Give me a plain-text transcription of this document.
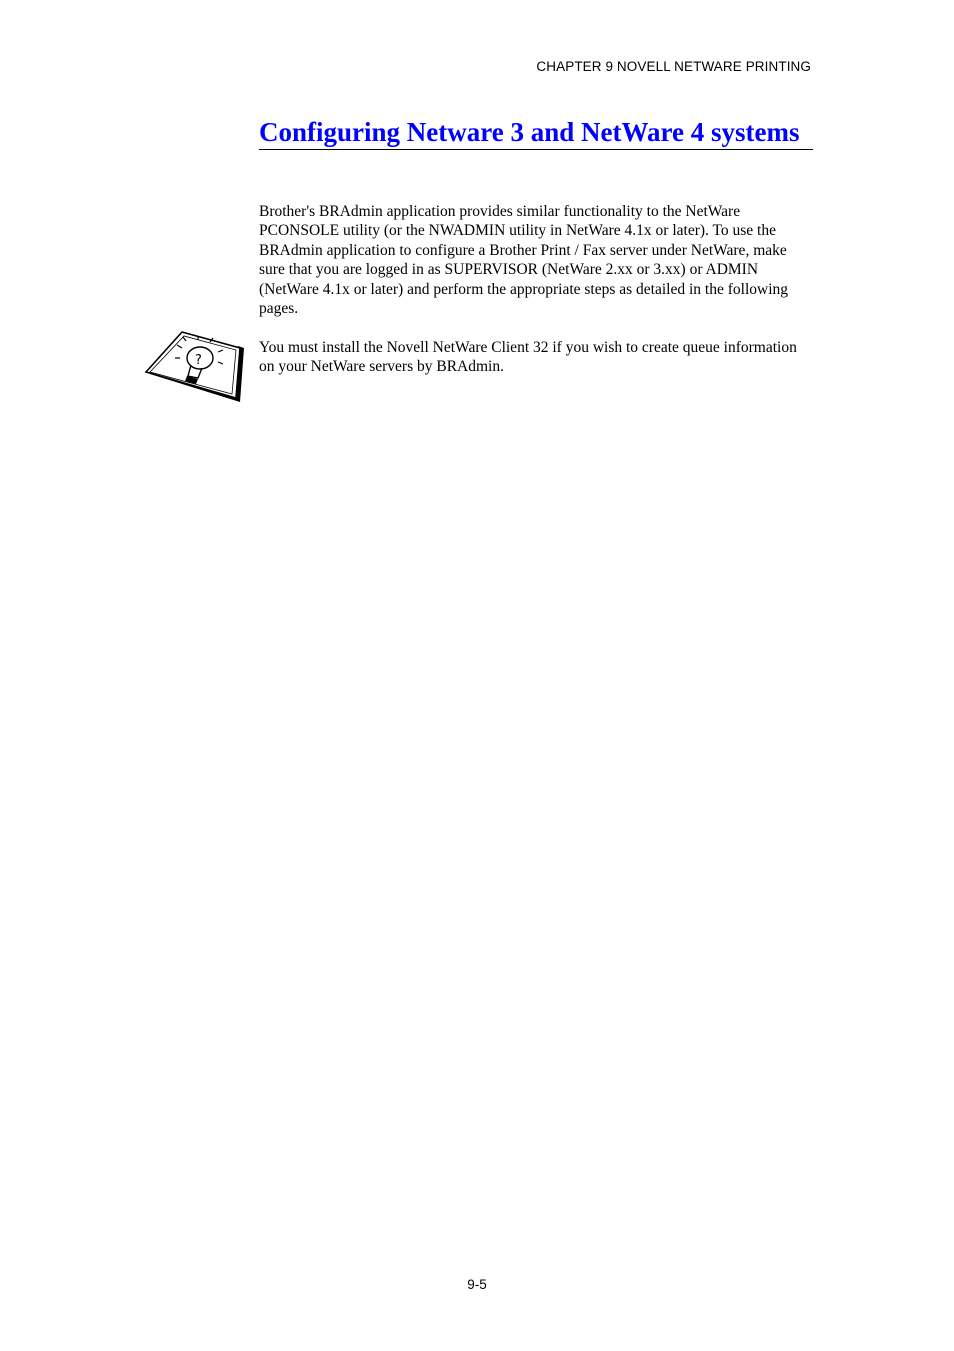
CHAPTER 9 NOVELL NETWARE PRINTING
Configuring Netware 3 and NetWare 4 systems

Brother's BRAdmin application provides similar functionality to the NetWare PCONSOLE utility (or the NWADMIN utility in NetWare 4.1x or later). To use the BRAdmin application to configure a Brother Print / Fax server under NetWare, make sure that you are logged in as SUPERVISOR (NetWare 2.xx or 3.xx) or ADMIN (NetWare 4.1x or later) and perform the appropriate steps as detailed in the following pages.

?

You must install the Novell NetWare Client 32 if you wish to create queue information on your NetWare servers by BRAdmin.

9-5
